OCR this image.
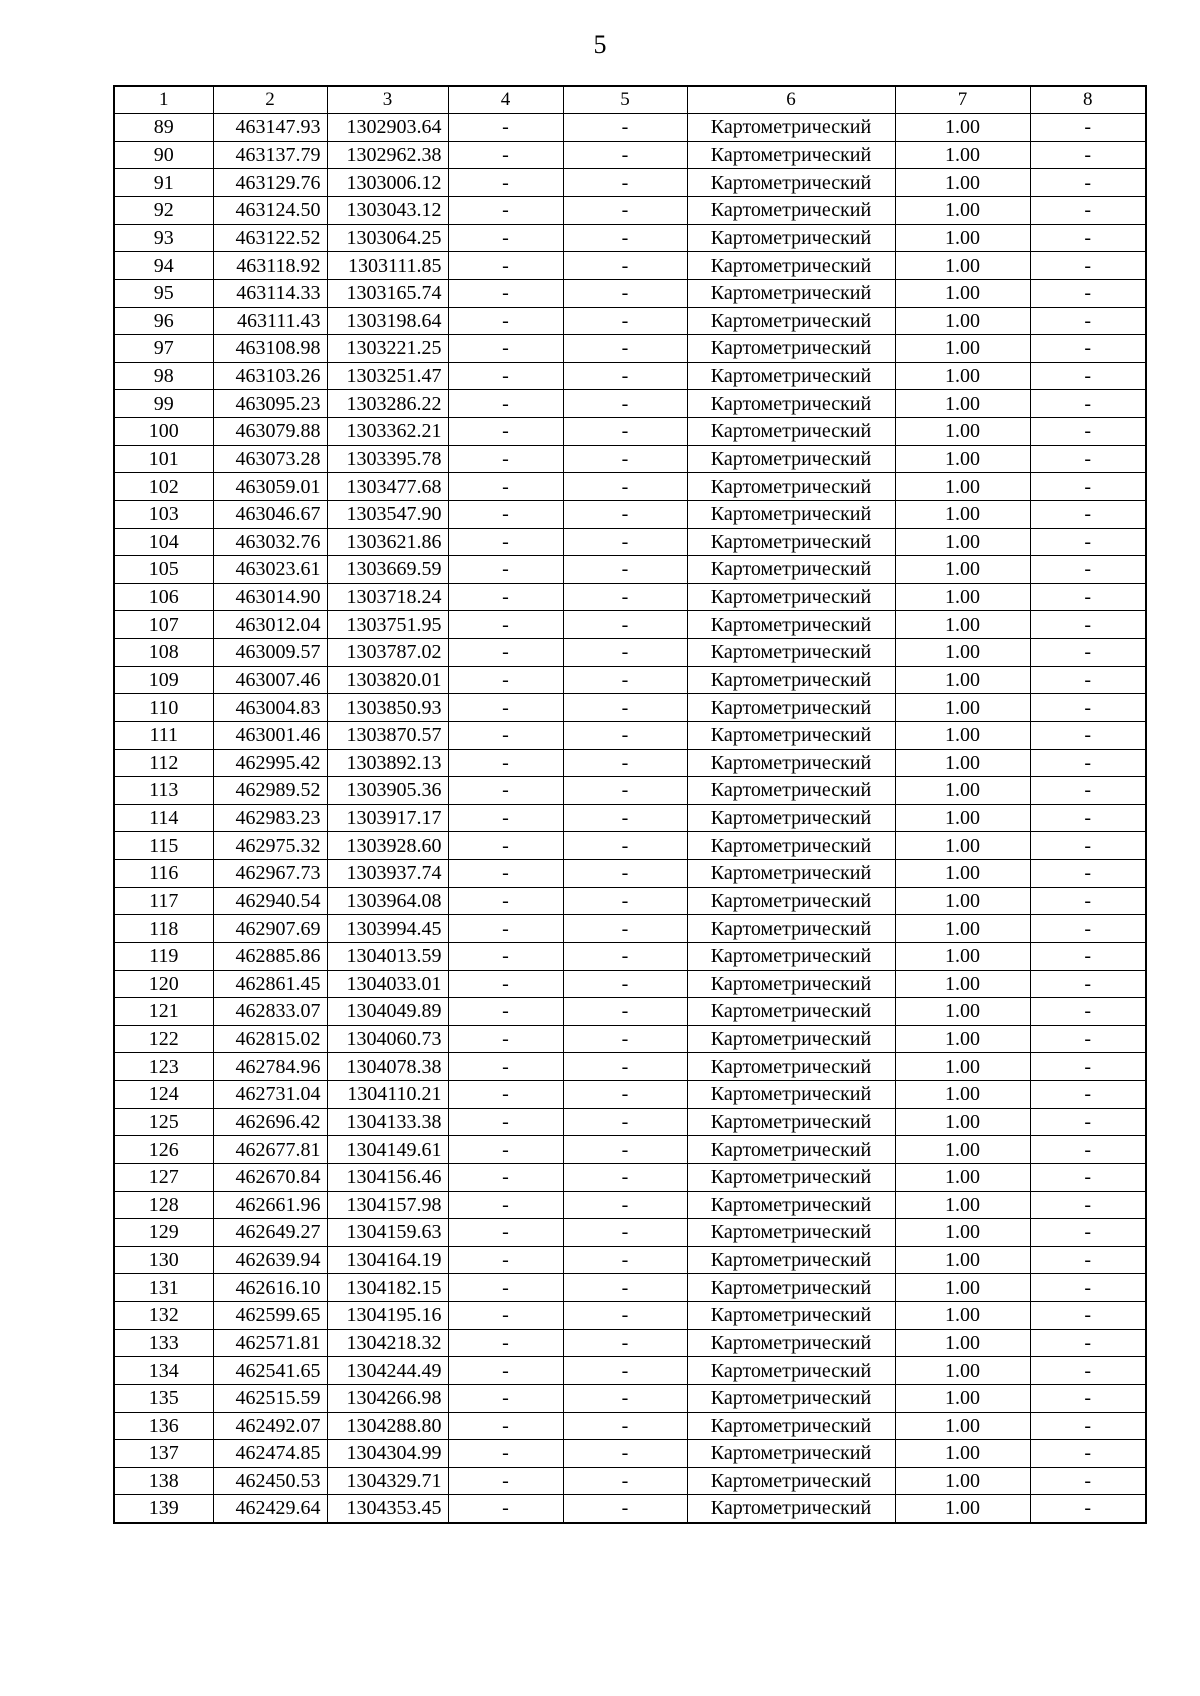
5
1	2	3	4	5	6	7	8
89	463147.93	1302903.64	-	-	Картометрический	1.00	-
90	463137.79	1302962.38	-	-	Картометрический	1.00	-
91	463129.76	1303006.12	-	-	Картометрический	1.00	-
92	463124.50	1303043.12	-	-	Картометрический	1.00	-
93	463122.52	1303064.25	-	-	Картометрический	1.00	-
94	463118.92	1303111.85	-	-	Картометрический	1.00	-
95	463114.33	1303165.74	-	-	Картометрический	1.00	-
96	463111.43	1303198.64	-	-	Картометрический	1.00	-
97	463108.98	1303221.25	-	-	Картометрический	1.00	-
98	463103.26	1303251.47	-	-	Картометрический	1.00	-
99	463095.23	1303286.22	-	-	Картометрический	1.00	-
100	463079.88	1303362.21	-	-	Картометрический	1.00	-
101	463073.28	1303395.78	-	-	Картометрический	1.00	-
102	463059.01	1303477.68	-	-	Картометрический	1.00	-
103	463046.67	1303547.90	-	-	Картометрический	1.00	-
104	463032.76	1303621.86	-	-	Картометрический	1.00	-
105	463023.61	1303669.59	-	-	Картометрический	1.00	-
106	463014.90	1303718.24	-	-	Картометрический	1.00	-
107	463012.04	1303751.95	-	-	Картометрический	1.00	-
108	463009.57	1303787.02	-	-	Картометрический	1.00	-
109	463007.46	1303820.01	-	-	Картометрический	1.00	-
110	463004.83	1303850.93	-	-	Картометрический	1.00	-
111	463001.46	1303870.57	-	-	Картометрический	1.00	-
112	462995.42	1303892.13	-	-	Картометрический	1.00	-
113	462989.52	1303905.36	-	-	Картометрический	1.00	-
114	462983.23	1303917.17	-	-	Картометрический	1.00	-
115	462975.32	1303928.60	-	-	Картометрический	1.00	-
116	462967.73	1303937.74	-	-	Картометрический	1.00	-
117	462940.54	1303964.08	-	-	Картометрический	1.00	-
118	462907.69	1303994.45	-	-	Картометрический	1.00	-
119	462885.86	1304013.59	-	-	Картометрический	1.00	-
120	462861.45	1304033.01	-	-	Картометрический	1.00	-
121	462833.07	1304049.89	-	-	Картометрический	1.00	-
122	462815.02	1304060.73	-	-	Картометрический	1.00	-
123	462784.96	1304078.38	-	-	Картометрический	1.00	-
124	462731.04	1304110.21	-	-	Картометрический	1.00	-
125	462696.42	1304133.38	-	-	Картометрический	1.00	-
126	462677.81	1304149.61	-	-	Картометрический	1.00	-
127	462670.84	1304156.46	-	-	Картометрический	1.00	-
128	462661.96	1304157.98	-	-	Картометрический	1.00	-
129	462649.27	1304159.63	-	-	Картометрический	1.00	-
130	462639.94	1304164.19	-	-	Картометрический	1.00	-
131	462616.10	1304182.15	-	-	Картометрический	1.00	-
132	462599.65	1304195.16	-	-	Картометрический	1.00	-
133	462571.81	1304218.32	-	-	Картометрический	1.00	-
134	462541.65	1304244.49	-	-	Картометрический	1.00	-
135	462515.59	1304266.98	-	-	Картометрический	1.00	-
136	462492.07	1304288.80	-	-	Картометрический	1.00	-
137	462474.85	1304304.99	-	-	Картометрический	1.00	-
138	462450.53	1304329.71	-	-	Картометрический	1.00	-
139	462429.64	1304353.45	-	-	Картометрический	1.00	-
